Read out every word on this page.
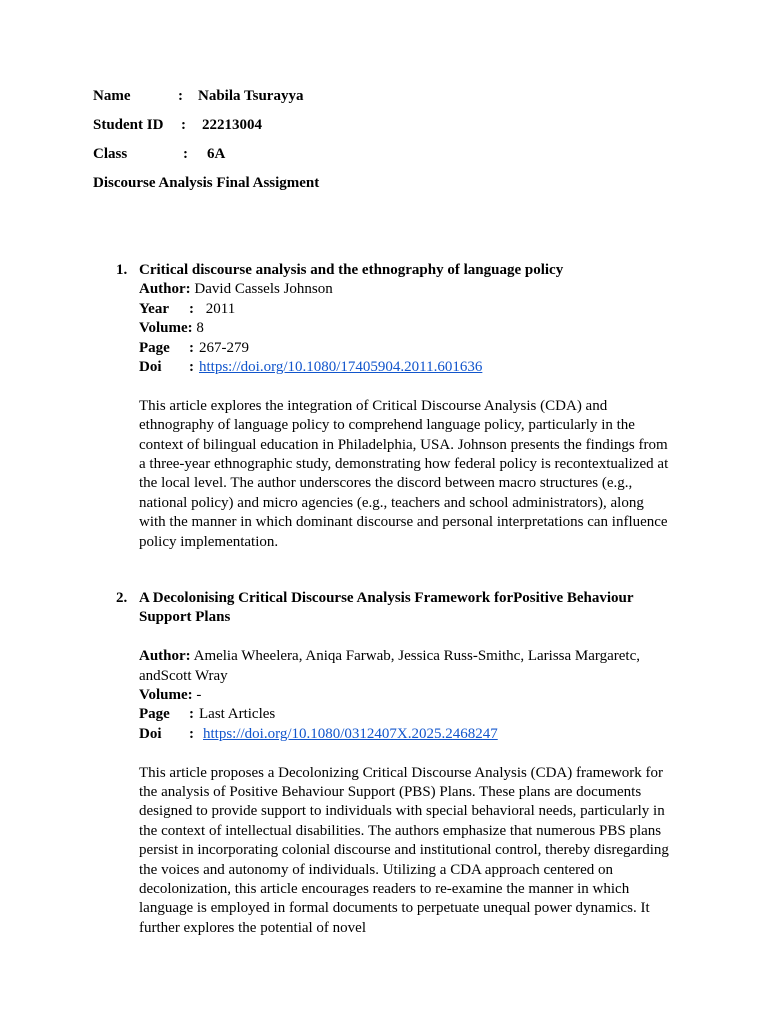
Name	: Nabila Tsurayya
Student ID : 22213004
Class	: 6A
Discourse Analysis Final Assigment
1. Critical discourse analysis and the ethnography of language policy
Author: David Cassels Johnson
Year : 2011
Volume: 8
Page : 267-279
Doi : https://doi.org/10.1080/17405904.2011.601636

This article explores the integration of Critical Discourse Analysis (CDA) and ethnography of language policy to comprehend language policy, particularly in the context of bilingual education in Philadelphia, USA. Johnson presents the findings from a three-year ethnographic study, demonstrating how federal policy is recontextualized at the local level. The author underscores the discord between macro structures (e.g., national policy) and micro agencies (e.g., teachers and school administrators), along with the manner in which dominant discourse and personal interpretations can influence policy implementation.

2. A Decolonising Critical Discourse Analysis Framework forPositive Behaviour Support Plans
Author: Amelia Wheelera, Aniqa Farwab, Jessica Russ-Smithc, Larissa Margaretc, andScott Wray
Volume: -
Page : Last Articles
Doi : https://doi.org/10.1080/0312407X.2025.2468247

This article proposes a Decolonizing Critical Discourse Analysis (CDA) framework for the analysis of Positive Behaviour Support (PBS) Plans. These plans are documents designed to provide support to individuals with special behavioral needs, particularly in the context of intellectual disabilities. The authors emphasize that numerous PBS plans persist in incorporating colonial discourse and institutional control, thereby disregarding the voices and autonomy of individuals. Utilizing a CDA approach centered on decolonization, this article encourages readers to re-examine the manner in which language is employed in formal documents to perpetuate unequal power dynamics. It further explores the potential of novel
